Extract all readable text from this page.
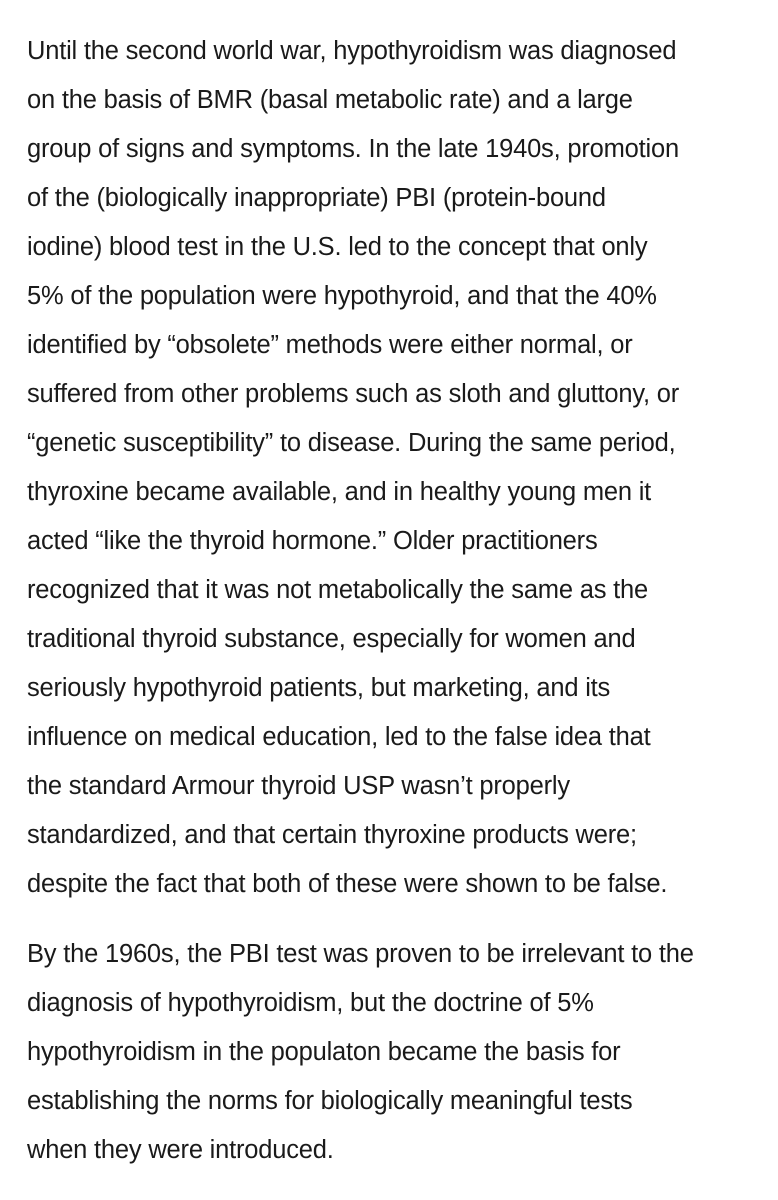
Until the second world war, hypothyroidism was diagnosed
on the basis of BMR (basal metabolic rate) and a large
group of signs and symptoms. In the late 1940s, promotion
of the (biologically inappropriate) PBI (protein-bound
iodine) blood test in the U.S. led to the concept that only
5% of the population were hypothyroid, and that the 40%
identified by “obsolete” methods were either normal, or
suffered from other problems such as sloth and gluttony, or
“genetic susceptibility” to disease. During the same period,
thyroxine became available, and in healthy young men it
acted “like the thyroid hormone.” Older practitioners
recognized that it was not metabolically the same as the
traditional thyroid substance, especially for women and
seriously hypothyroid patients, but marketing, and its
influence on medical education, led to the false idea that
the standard Armour thyroid USP wasn’t properly
standardized, and that certain thyroxine products were;
despite the fact that both of these were shown to be false.

By the 1960s, the PBI test was proven to be irrelevant to the
diagnosis of hypothyroidism, but the doctrine of 5%
hypothyroidism in the populaton became the basis for
establishing the norms for biologically meaningful tests
when they were introduced.
